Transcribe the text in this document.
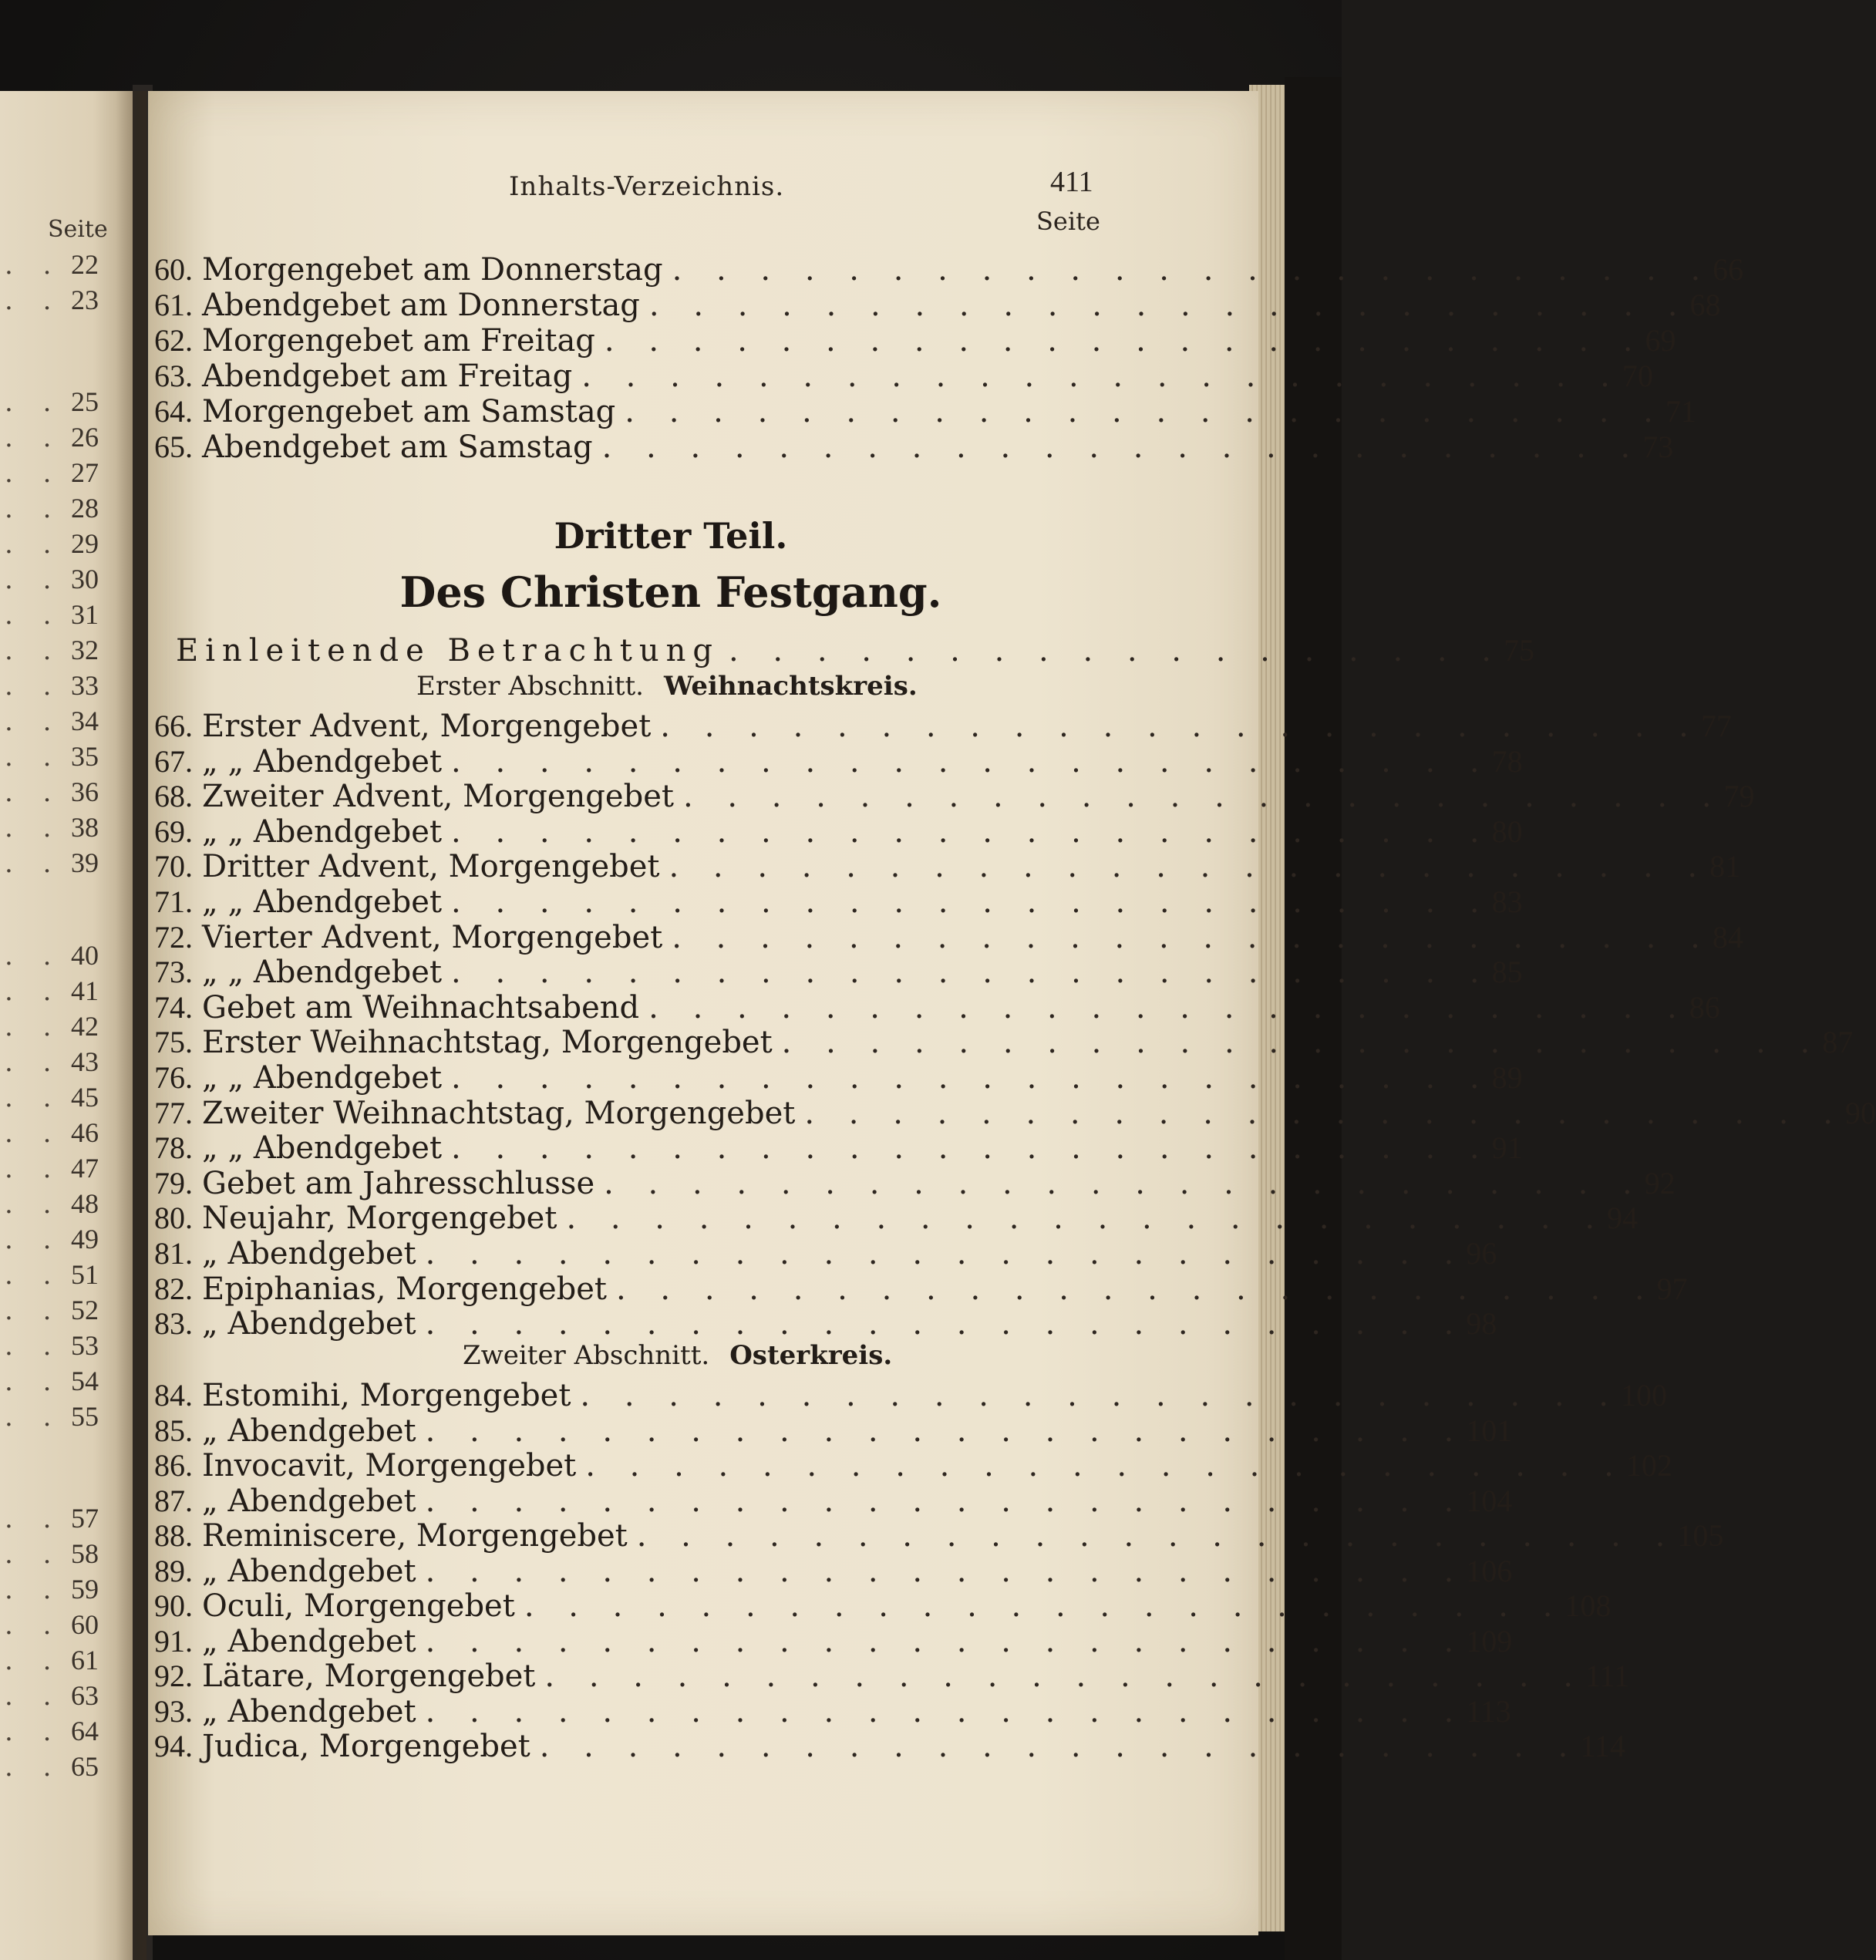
Seite
. . 22
. . 23
. . 25
. . 26
. . 27
. . 28
. . 29
. . 30
. . 31
. . 32
. . 33
. . 34
. . 35
. . 36
. . 38
. . 39
. . 40
. . 41
. . 42
. . 43
. . 45
. . 46
. . 47
. . 48
. . 49
. . 51
. . 52
. . 53
. . 54
. . 55
. . 57
. . 58
. . 59
. . 60
. . 61
. . 63
. . 64
. . 65
Inhalts-Verzeichnis.	411
Seite
60. Morgengebet am Donnerstag . . . . . . . . . . . . . . . . . . . . . . . . 66
61. Abendgebet am Donnerstag . . . . . . . . . . . . . . . . . . . . . . . . 68
62. Morgengebet am Freitag . . . . . . . . . . . . . . . . . . . . . . . . 69
63. Abendgebet am Freitag . . . . . . . . . . . . . . . . . . . . . . . . 70
64. Morgengebet am Samstag . . . . . . . . . . . . . . . . . . . . . . . . 71
65. Abendgebet am Samstag . . . . . . . . . . . . . . . . . . . . . . . . 73
Dritter Teil.
Des Christen Festgang.
Einleitende Betrachtung . . . . . . . . . . . . . . . . . . 75
Erster Abschnitt. Weihnachtskreis.
66. Erster Advent, Morgengebet . . . . . . . . . . . . . . . . . . . . . . . . 77
67. „ „ Abendgebet . . . . . . . . . . . . . . . . . . . . . . . . 78
68. Zweiter Advent, Morgengebet . . . . . . . . . . . . . . . . . . . . . . . . 79
69. „ „ Abendgebet . . . . . . . . . . . . . . . . . . . . . . . . 80
70. Dritter Advent, Morgengebet . . . . . . . . . . . . . . . . . . . . . . . . 81
71. „ „ Abendgebet . . . . . . . . . . . . . . . . . . . . . . . . 83
72. Vierter Advent, Morgengebet . . . . . . . . . . . . . . . . . . . . . . . . 84
73. „ „ Abendgebet . . . . . . . . . . . . . . . . . . . . . . . . 85
74. Gebet am Weihnachtsabend . . . . . . . . . . . . . . . . . . . . . . . . 86
75. Erster Weihnachtstag, Morgengebet . . . . . . . . . . . . . . . . . . . . . . . . 87
76. „ „ Abendgebet . . . . . . . . . . . . . . . . . . . . . . . . 89
77. Zweiter Weihnachtstag, Morgengebet . . . . . . . . . . . . . . . . . . . . . . . . 90
78. „ „ Abendgebet . . . . . . . . . . . . . . . . . . . . . . . . 91
79. Gebet am Jahresschlusse . . . . . . . . . . . . . . . . . . . . . . . . 92
80. Neujahr, Morgengebet . . . . . . . . . . . . . . . . . . . . . . . . 94
81. „ Abendgebet . . . . . . . . . . . . . . . . . . . . . . . . 96
82. Epiphanias, Morgengebet . . . . . . . . . . . . . . . . . . . . . . . . 97
83. „ Abendgebet . . . . . . . . . . . . . . . . . . . . . . . . 98
Zweiter Abschnitt. Osterkreis.
84. Estomihi, Morgengebet . . . . . . . . . . . . . . . . . . . . . . . . 100
85. „ Abendgebet . . . . . . . . . . . . . . . . . . . . . . . . 101
86. Invocavit, Morgengebet . . . . . . . . . . . . . . . . . . . . . . . . 102
87. „ Abendgebet . . . . . . . . . . . . . . . . . . . . . . . . 104
88. Reminiscere, Morgengebet . . . . . . . . . . . . . . . . . . . . . . . . 105
89. „ Abendgebet . . . . . . . . . . . . . . . . . . . . . . . . 106
90. Oculi, Morgengebet . . . . . . . . . . . . . . . . . . . . . . . . 108
91. „ Abendgebet . . . . . . . . . . . . . . . . . . . . . . . . 109
92. Lätare, Morgengebet . . . . . . . . . . . . . . . . . . . . . . . . 111
93. „ Abendgebet . . . . . . . . . . . . . . . . . . . . . . . . 113
94. Judica, Morgengebet . . . . . . . . . . . . . . . . . . . . . . . . 114
